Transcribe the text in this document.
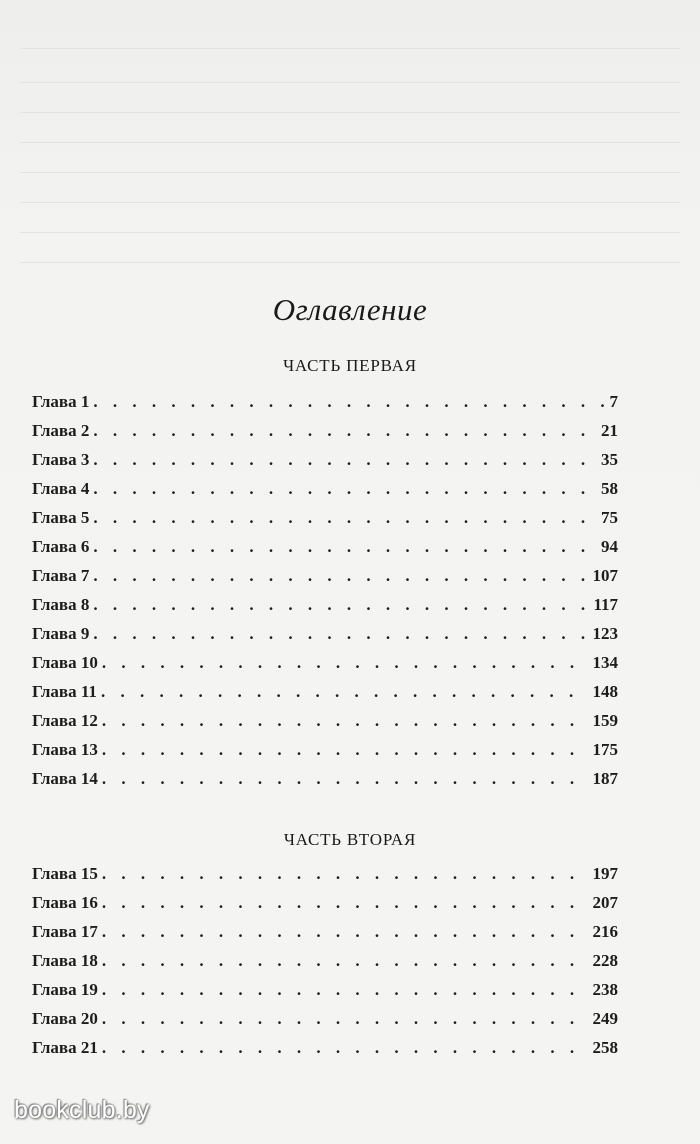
Оглавление
ЧАСТЬ ПЕРВАЯ
Глава 1 . . .	7
Глава 2 . . .	21
Глава 3 . . .	35
Глава 4 . . .	58
Глава 5 . . .	75
Глава 6 . . .	94
Глава 7 . . .	107
Глава 8 . . .	117
Глава 9 . . .	123
Глава 10 . . .	134
Глава 11 . . .	148
Глава 12 . . .	159
Глава 13 . . .	175
Глава 14 . . .	187
ЧАСТЬ ВТОРАЯ
Глава 15 . . .	197
Глава 16 . . .	207
Глава 17 . . .	216
Глава 18 . . .	228
Глава 19 . . .	238
Глава 20 . . .	249
Глава 21 . . .	258
bookclub.by
